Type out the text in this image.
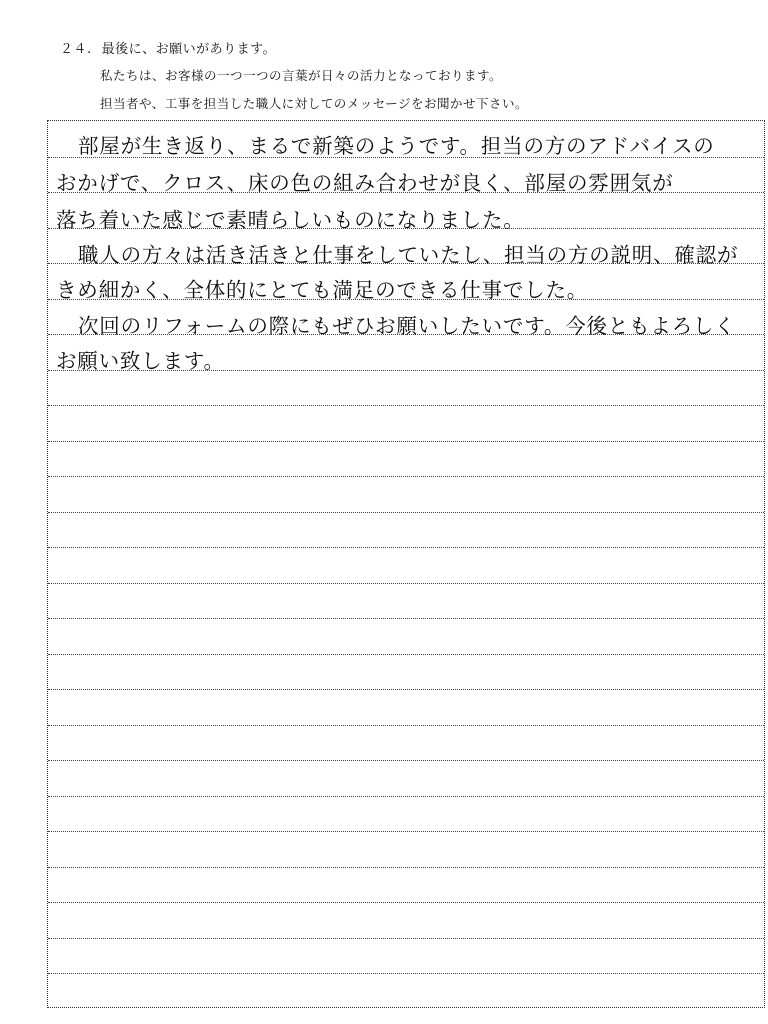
２４. 最後に、お願いがあります。
私たちは、お客様の一つ一つの言葉が日々の活力となっております。
担当者や、工事を担当した職人に対してのメッセージをお聞かせ下さい。
部屋が生き返り、まるで新築のようです。担当の方のアドバイスの
おかげで、クロス、床の色の組み合わせが良く、部屋の雰囲気が
落ち着いた感じで素晴らしいものになりました。
職人の方々は活き活きと仕事をしていたし、担当の方の説明、確認が
きめ細かく、全体的にとても満足のできる仕事でした。
次回のリフォームの際にもぜひお願いしたいです。今後ともよろしく
お願い致します。
